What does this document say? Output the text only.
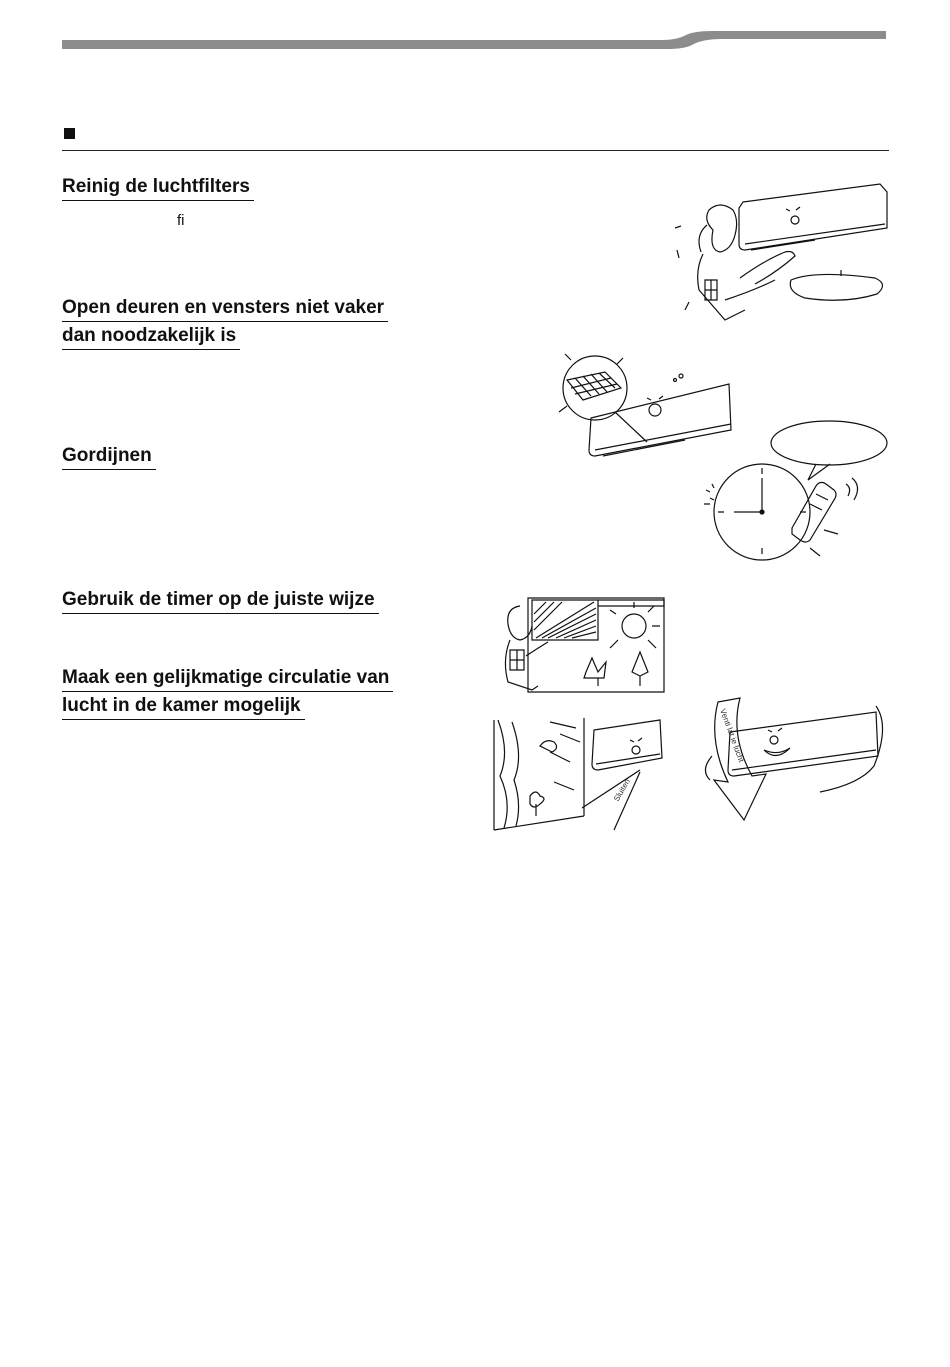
Reinig de luchtfilters
fi
Open deuren en vensters niet vaker
dan noodzakelijk is
Gordijnen
Gebruik de timer op de juiste wijze
Maak een gelijkmatige circulatie van
lucht in de kamer mogelijk
Sluiten
Venti lat ie lucht
